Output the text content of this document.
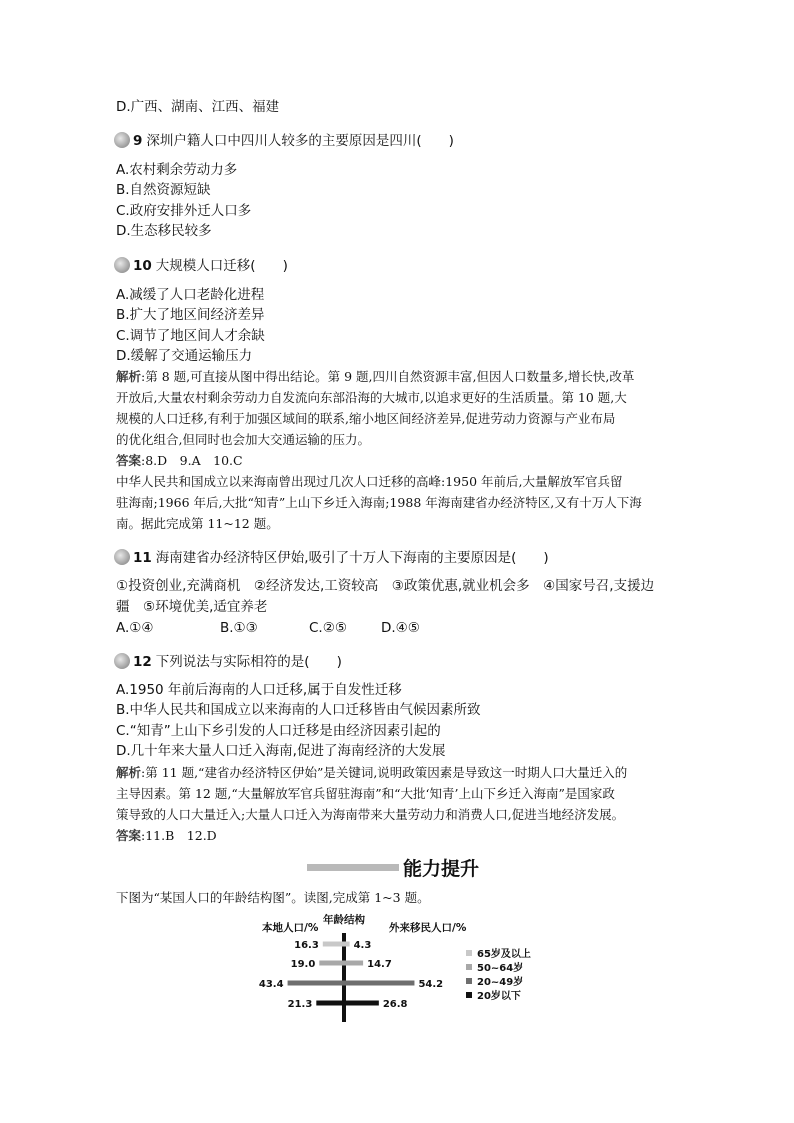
D.广西、湖南、江西、福建
9 深圳户籍人口中四川人较多的主要原因是四川(　　)
A.农村剩余劳动力多
B.自然资源短缺
C.政府安排外迁人口多
D.生态移民较多
10 大规模人口迁移(　　)
A.减缓了人口老龄化进程
B.扩大了地区间经济差异
C.调节了地区间人才余缺
D.缓解了交通运输压力
解析:第 8 题,可直接从图中得出结论。第 9 题,四川自然资源丰富,但因人口数量多,增长快,改革
开放后,大量农村剩余劳动力自发流向东部沿海的大城市,以追求更好的生活质量。第 10 题,大
规模的人口迁移,有利于加强区域间的联系,缩小地区间经济差异,促进劳动力资源与产业布局
的优化组合,但同时也会加大交通运输的压力。
答案:8.D　9.A　10.C
中华人民共和国成立以来海南曾出现过几次人口迁移的高峰:1950 年前后,大量解放军官兵留
驻海南;1966 年后,大批“知青”上山下乡迁入海南;1988 年海南建省办经济特区,又有十万人下海
南。据此完成第 11~12 题。
11 海南建省办经济特区伊始,吸引了十万人下海南的主要原因是(　　)
①投资创业,充满商机　②经济发达,工资较高　③政策优惠,就业机会多　④国家号召,支援边
疆　⑤环境优美,适宜养老
A.①④	B.①③	C.②⑤	D.④⑤
12 下列说法与实际相符的是(　　)
A.1950 年前后海南的人口迁移,属于自发性迁移
B.中华人民共和国成立以来海南的人口迁移皆由气候因素所致
C.“知青”上山下乡引发的人口迁移是由经济因素引起的
D.几十年来大量人口迁入海南,促进了海南经济的大发展
解析:第 11 题,“建省办经济特区伊始”是关键词,说明政策因素是导致这一时期人口大量迁入的
主导因素。第 12 题,“大量解放军官兵留驻海南”和“大批‘知青’上山下乡迁入海南”是国家政
策导致的人口大量迁入;大量人口迁入为海南带来大量劳动力和消费人口,促进当地经济发展。
答案:11.B　12.D
能力提升
下图为“某国人口的年龄结构图”。读图,完成第 1~3 题。
年龄结构
本地人口/%	外来移民人口/%
16.3	4.3
19.0	14.7
43.4	54.2
21.3	26.8
65岁及以上
50~64岁
20~49岁
20岁以下
